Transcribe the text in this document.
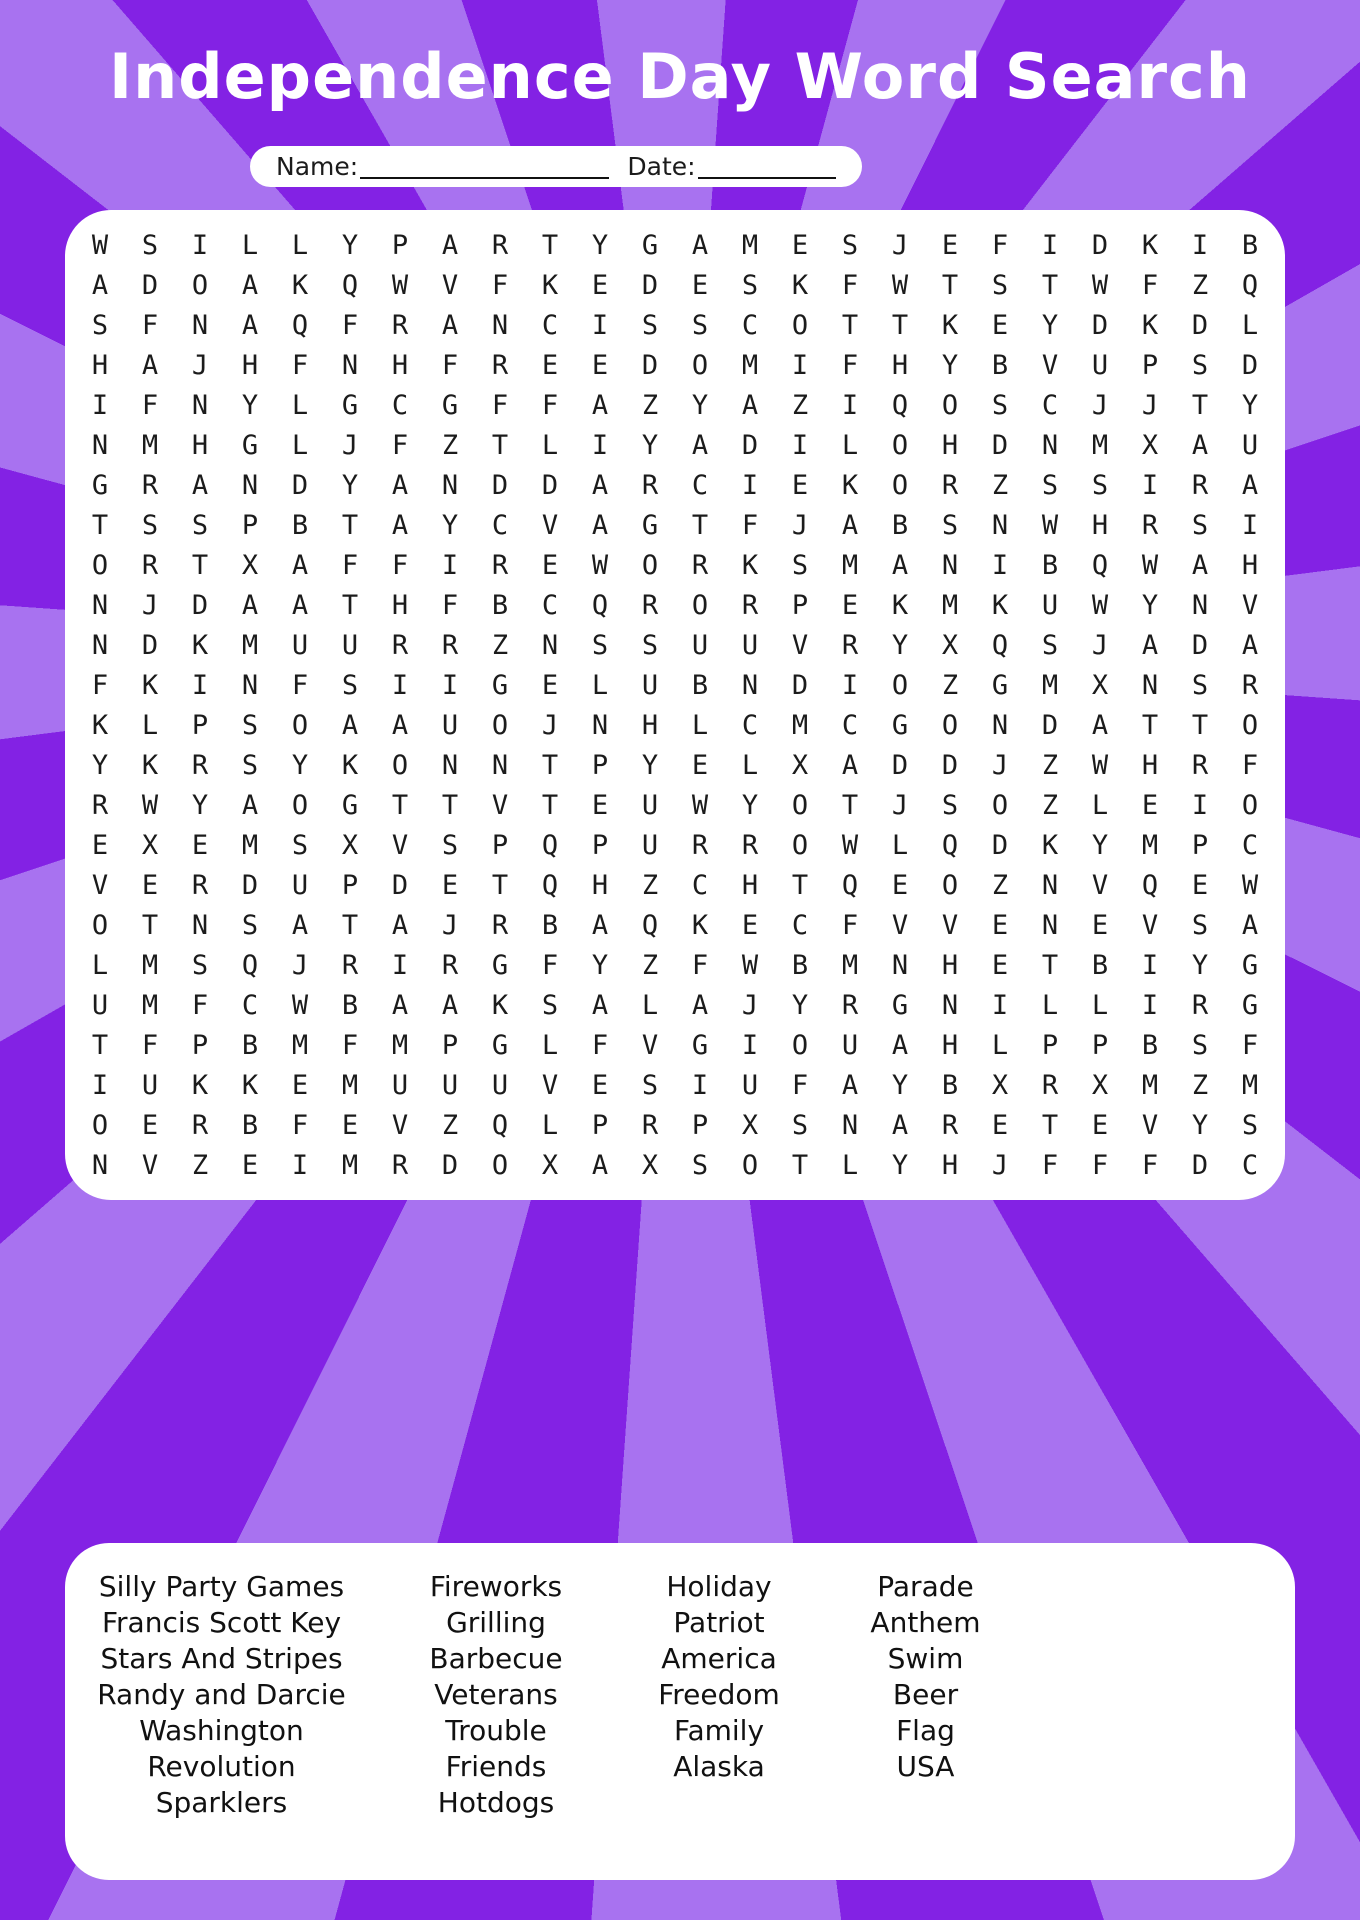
Independence Day Word Search
Name:	Date:
W	S	I	L	L	Y	P	A	R	T	Y	G	A	M	E	S	J	E	F	I	D	K	I	B
A	D	O	A	K	Q	W	V	F	K	E	D	E	S	K	F	W	T	S	T	W	F	Z	Q
S	F	N	A	Q	F	R	A	N	C	I	S	S	C	O	T	T	K	E	Y	D	K	D	L
H	A	J	H	F	N	H	F	R	E	E	D	O	M	I	F	H	Y	B	V	U	P	S	D
I	F	N	Y	L	G	C	G	F	F	A	Z	Y	A	Z	I	Q	O	S	C	J	J	T	Y
N	M	H	G	L	J	F	Z	T	L	I	Y	A	D	I	L	O	H	D	N	M	X	A	U
G	R	A	N	D	Y	A	N	D	D	A	R	C	I	E	K	O	R	Z	S	S	I	R	A
T	S	S	P	B	T	A	Y	C	V	A	G	T	F	J	A	B	S	N	W	H	R	S	I
O	R	T	X	A	F	F	I	R	E	W	O	R	K	S	M	A	N	I	B	Q	W	A	H
N	J	D	A	A	T	H	F	B	C	Q	R	O	R	P	E	K	M	K	U	W	Y	N	V
N	D	K	M	U	U	R	R	Z	N	S	S	U	U	V	R	Y	X	Q	S	J	A	D	A
F	K	I	N	F	S	I	I	G	E	L	U	B	N	D	I	O	Z	G	M	X	N	S	R
K	L	P	S	O	A	A	U	O	J	N	H	L	C	M	C	G	O	N	D	A	T	T	O
Y	K	R	S	Y	K	O	N	N	T	P	Y	E	L	X	A	D	D	J	Z	W	H	R	F
R	W	Y	A	O	G	T	T	V	T	E	U	W	Y	O	T	J	S	O	Z	L	E	I	O
E	X	E	M	S	X	V	S	P	Q	P	U	R	R	O	W	L	Q	D	K	Y	M	P	C
V	E	R	D	U	P	D	E	T	Q	H	Z	C	H	T	Q	E	O	Z	N	V	Q	E	W
O	T	N	S	A	T	A	J	R	B	A	Q	K	E	C	F	V	V	E	N	E	V	S	A
L	M	S	Q	J	R	I	R	G	F	Y	Z	F	W	B	M	N	H	E	T	B	I	Y	G
U	M	F	C	W	B	A	A	K	S	A	L	A	J	Y	R	G	N	I	L	L	I	R	G
T	F	P	B	M	F	M	P	G	L	F	V	G	I	O	U	A	H	L	P	P	B	S	F
I	U	K	K	E	M	U	U	U	V	E	S	I	U	F	A	Y	B	X	R	X	M	Z	M
O	E	R	B	F	E	V	Z	Q	L	P	R	P	X	S	N	A	R	E	T	E	V	Y	S
N	V	Z	E	I	M	R	D	O	X	A	X	S	O	T	L	Y	H	J	F	F	F	D	C
Silly Party Games
Francis Scott Key
Stars And Stripes
Randy and Darcie
Washington
Revolution
Sparklers
Fireworks
Grilling
Barbecue
Veterans
Trouble
Friends
Hotdogs
Holiday
Patriot
America
Freedom
Family
Alaska
Parade
Anthem
Swim
Beer
Flag
USA
